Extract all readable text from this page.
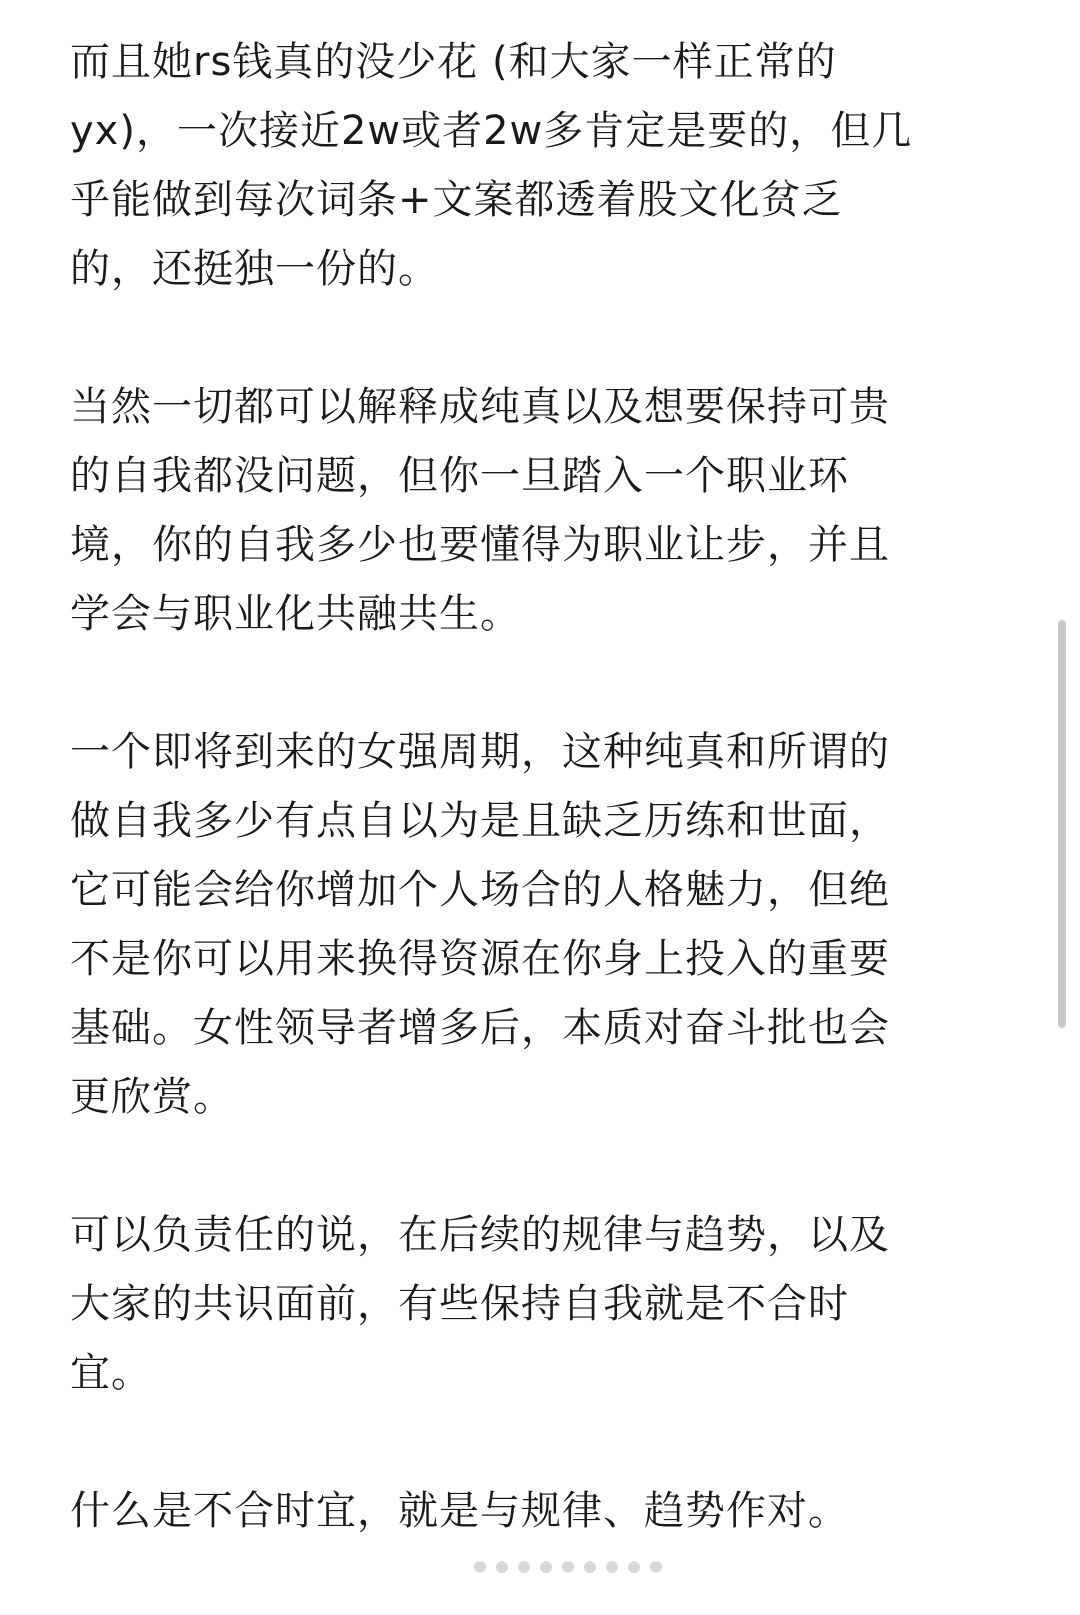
而且她rs钱真的没少花 (和大家一样正常的
yx)，一次接近2w或者2w多肯定是要的，但几
乎能做到每次词条+文案都透着股文化贫乏
的，还挺独一份的。

当然一切都可以解释成纯真以及想要保持可贵
的自我都没问题，但你一旦踏入一个职业环
境，你的自我多少也要懂得为职业让步，并且
学会与职业化共融共生。

一个即将到来的女强周期，这种纯真和所谓的
做自我多少有点自以为是且缺乏历练和世面，
它可能会给你增加个人场合的人格魅力，但绝
不是你可以用来换得资源在你身上投入的重要
基础。女性领导者增多后，本质对奋斗批也会
更欣赏。

可以负责任的说，在后续的规律与趋势，以及
大家的共识面前，有些保持自我就是不合时
宜。

什么是不合时宜，就是与规律、趋势作对。
